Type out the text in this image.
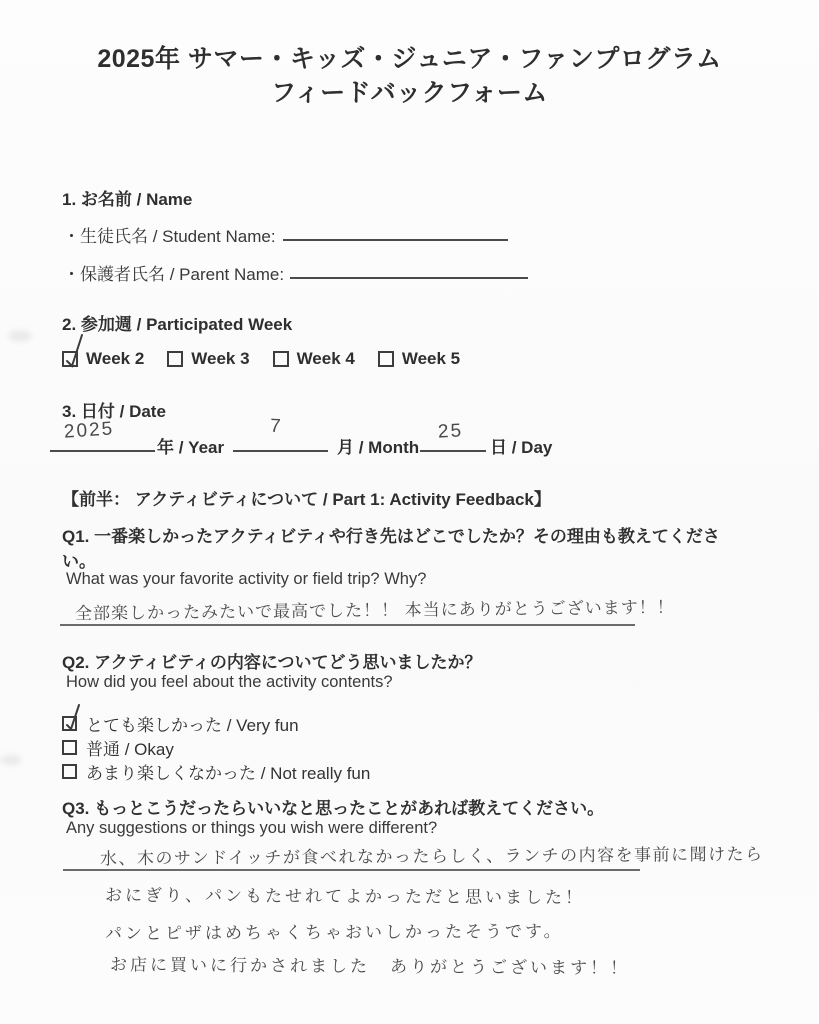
2025年 サマー・キッズ・ジュニア・ファンプログラム
フィードバックフォーム
1. お名前 / Name
・生徒氏名 / Student Name:
・保護者氏名 / Parent Name:
2. 参加週 / Participated Week
Week 2	Week 3	Week 4	Week 5
3. 日付 / Date
2025
年 / Year
7
月 / Month
25
日 / Day
【前半： アクティビティについて / Part 1: Activity Feedback】
Q1. 一番楽しかったアクティビティや行き先はどこでしたか？その理由も教えてください。
What was your favorite activity or field trip? Why?
全部楽しかったみたいで最高でした！！ 本当にありがとうございます！！
Q2. アクティビティの内容についてどう思いましたか？
How did you feel about the activity contents?
とても楽しかった / Very fun
普通 / Okay
あまり楽しくなかった / Not really fun
Q3. もっとこうだったらいいなと思ったことがあれば教えてください。
Any suggestions or things you wish were different?
水、木のサンドイッチが食べれなかったらしく、ランチの内容を事前に聞けたら
おにぎり、パンもたせれてよかっただと思いました！
パンとピザはめちゃくちゃおいしかったそうです。
お店に買いに行かされました　ありがとうございます！！
